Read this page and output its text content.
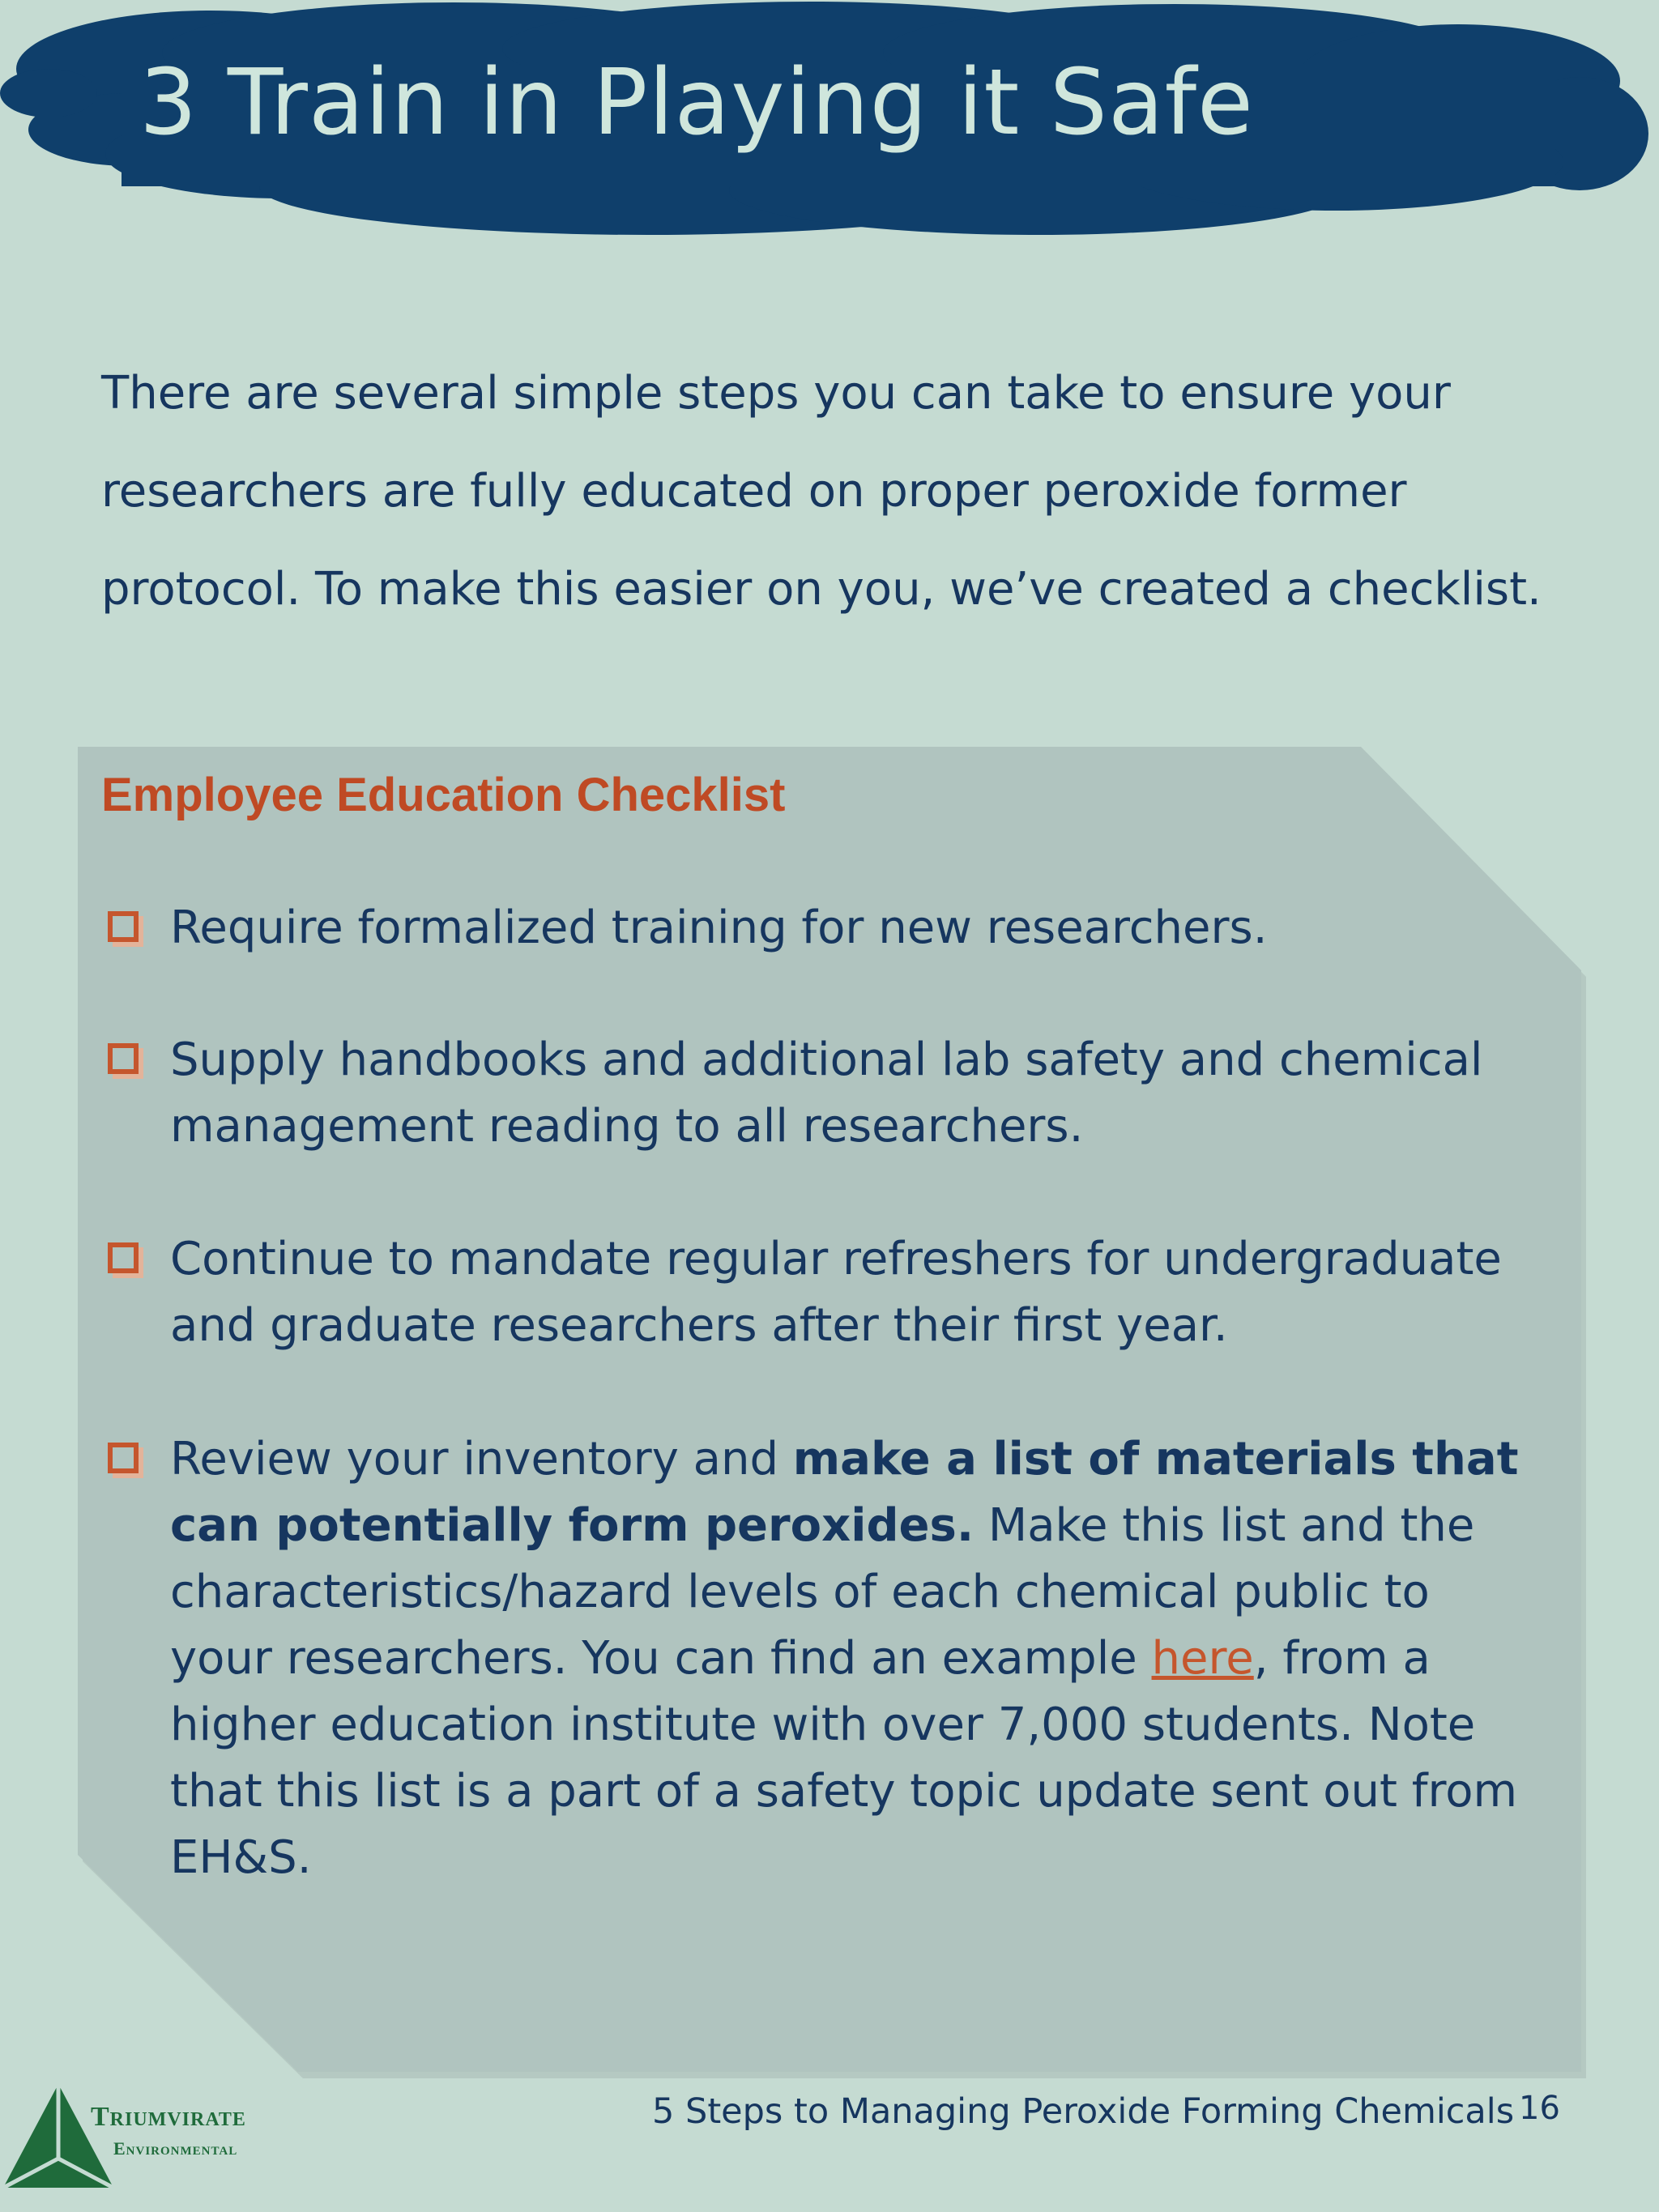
3 Train in Playing it Safe

There are several simple steps you can take to ensure your researchers are fully educated on proper peroxide former protocol. To make this easier on you, we’ve created a checklist.

Employee Education Checklist

Require formalized training for new researchers.

Supply handbooks and additional lab safety and chemical management reading to all researchers.

Continue to mandate regular refreshers for undergraduate and graduate researchers after their first year.

Review your inventory and make a list of materials that can potentially form peroxides. Make this list and the characteristics/hazard levels of each chemical public to your researchers. You can find an example here, from a higher education institute with over 7,000 students. Note that this list is a part of a safety topic update sent out from EH&S.

Triumvirate

Environmental

5 Steps to Managing Peroxide Forming Chemicals 16
